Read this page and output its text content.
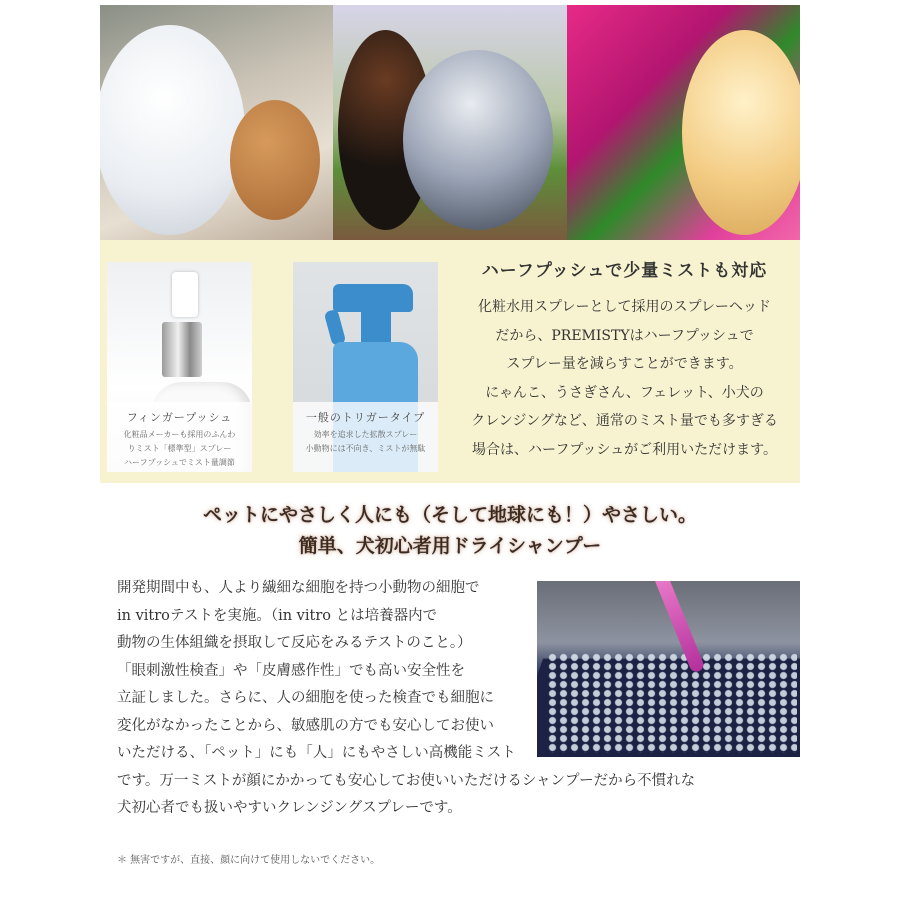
フィンガープッシュ
化粧品メーカーも採用のふんわ
りミスト「標準型」スプレー
ハーフプッシュでミスト量調節
一般のトリガータイプ
効率を追求した拡散スプレー
小動物には不向き、ミストが無駄
ハーフプッシュで少量ミストも対応
化粧水用スプレーとして採用のスプレーヘッド
だから、PREMISTYはハーフプッシュで
スプレー量を減らすことができます。
にゃんこ、うさぎさん、フェレット、小犬の
クレンジングなど、通常のミスト量でも多すぎる
場合は、ハーフプッシュがご利用いただけます。
ペットにやさしく人にも（そして地球にも！）やさしい。
簡単、犬初心者用ドライシャンプー
開発期間中も、人より繊細な細胞を持つ小動物の細胞で
in vitroテストを実施。（in vitro とは培養器内で
動物の生体組織を摂取して反応をみるテストのこと。）
「眼刺激性検査」や「皮膚感作性」でも高い安全性を
立証しました。さらに、人の細胞を使った検査でも細胞に
変化がなかったことから、敏感肌の方でも安心してお使い
いただける、「ペット」にも「人」にもやさしい高機能ミスト
です。万一ミストが顔にかかっても安心してお使いいただけるシャンプーだから不慣れな
犬初心者でも扱いやすいクレンジングスプレーです。
＊ 無害ですが、直接、顔に向けて使用しないでください。
